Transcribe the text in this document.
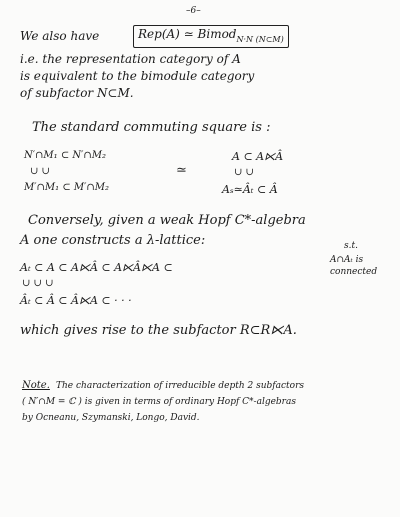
–6–
We also have	Rep(A) ≃ Bimod$_{N\cdot N (N\subset M)}$
i.e. the representation category of A
is equivalent to the bimodule category
of subfactor N⊂M.
The standard commuting square is :
N′∩M₁ ⊂ N′∩M₂
∪ ∪
M′∩M₁ ⊂ M′∩M₂
≃
A ⊂ A⋉Â
∪ ∪
Aₛ≃Âₜ ⊂ Â
Conversely, given a weak Hopf C*-algebra
A one constructs a λ-lattice:	s.t.
A∩Aₜ is
connected
Aₜ ⊂ A ⊂ A⋉Â ⊂ A⋉Â⋉A ⊂
∪ ∪ ∪
Âₜ ⊂ Â ⊂ Â⋉A ⊂ · · ·
which gives rise to the subfactor R⊂R⋉A.
Note. The characterization of irreducible depth 2 subfactors
( N′∩M = ℂ ) is given in terms of ordinary Hopf C*-algebras
by Ocneanu, Szymanski, Longo, David.
